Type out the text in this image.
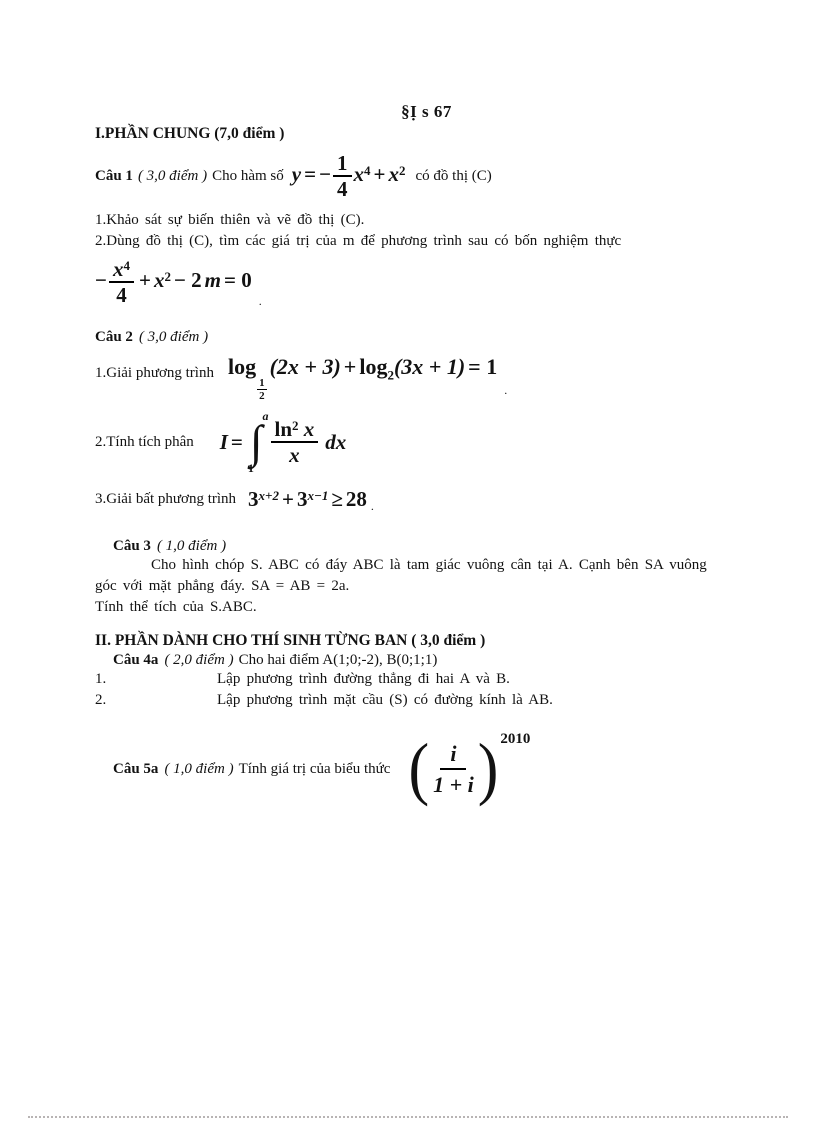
§Ị s 67
I.PHẦN CHUNG (7,0 điểm )
Câu 1 ( 3,0 điểm ) Cho hàm số y = − $\frac{1}{4} x^4 + x^2$ có đồ thị (C)
1.Khảo sát sự biến thiên và vẽ đồ thị (C).
2.Dùng đồ thị (C), tìm các giá trị của m để phương trình sau có bốn nghiệm thực
− $\frac{x^4}{4} + x^2 - 2$ m = 0
.
Câu 2 ( 3,0 điểm )
1.Giải phương trình log
$\frac{1}{2}$
$(2x + 3) + \log_2(3x + 1) = 1$
.
2.Tính tích phân I =
a
∫
1
$\frac{\ln^2 x}{x}$ dx
3.Giải bất phương trình $3^{x+2} + 3^{x-1} \ge 28$ .
Câu 3 ( 1,0 điểm )
Cho hình chóp S. ABC có đáy ABC là tam giác vuông cân tại A. Cạnh bên SA vuông
góc với mặt phẳng đáy. SA = AB = 2a.
Tính thể tích của S.ABC.
II. PHẦN DÀNH CHO THÍ SINH TỪNG BAN ( 3,0 điểm )
Câu 4a ( 2,0 điểm ) Cho hai điểm A(1;0;-2), B(0;1;1)
1.	Lập phương trình đường thẳng đi hai A và B.
2.	Lập phương trình mặt cầu (S) có đường kính là AB.
Câu 5a ( 1,0 điểm ) Tính giá trị của biểu thức ( $\frac{i}{1 + i}$ ) 2010
